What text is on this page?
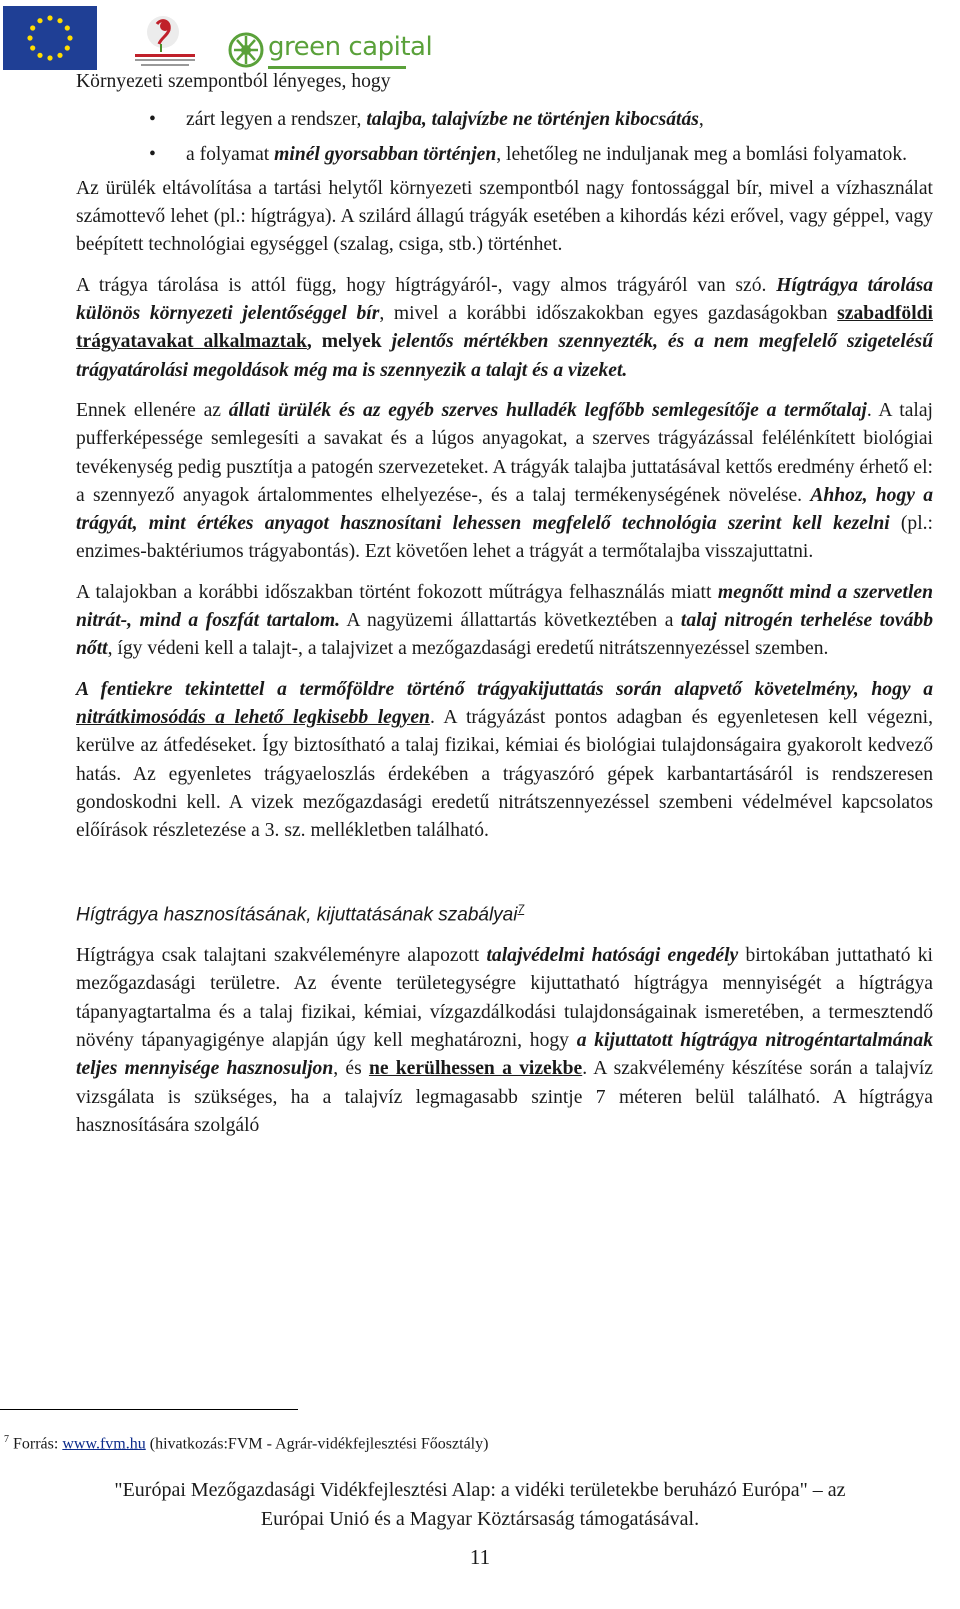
green capital

Környezeti szempontból lényeges, hogy

• zárt legyen a rendszer, talajba, talajvízbe ne történjen kibocsátás,
• a folyamat minél gyorsabban történjen, lehetőleg ne induljanak meg a bomlási folyamatok.

Az ürülék eltávolítása a tartási helytől környezeti szempontból nagy fontossággal bír, mivel a vízhasználat számottevő lehet (pl.: hígtrágya). A szilárd állagú trágyák esetében a kihordás kézi erővel, vagy géppel, vagy beépített technológiai egységgel (szalag, csiga, stb.) történhet.

A trágya tárolása is attól függ, hogy hígtrágyáról-, vagy almos trágyáról van szó. Hígtrágya tárolása különös környezeti jelentőséggel bír, mivel a korábbi időszakokban egyes gazdaságokban szabadföldi trágyatavakat alkalmaztak, melyek jelentős mértékben szennyezték, és a nem megfelelő szigetelésű trágyatárolási megoldások még ma is szennyezik a talajt és a vizeket.

Ennek ellenére az állati ürülék és az egyéb szerves hulladék legfőbb semlegesítője a termőtalaj. A talaj pufferképessége semlegesíti a savakat és a lúgos anyagokat, a szerves trágyázással felélénkített biológiai tevékenység pedig pusztítja a patogén szervezeteket. A trágyák talajba juttatásával kettős eredmény érhető el: a szennyező anyagok ártalommentes elhelyezése-, és a talaj termékenységének növelése. Ahhoz, hogy a trágyát, mint értékes anyagot hasznosítani lehessen megfelelő technológia szerint kell kezelni (pl.: enzimes-baktériumos trágyabontás). Ezt követően lehet a trágyát a termőtalajba visszajuttatni.

A talajokban a korábbi időszakban történt fokozott műtrágya felhasználás miatt megnőtt mind a szervetlen nitrát-, mind a foszfát tartalom. A nagyüzemi állattartás következtében a talaj nitrogén terhelése tovább nőtt, így védeni kell a talajt-, a talajvizet a mezőgazdasági eredetű nitrátszennyezéssel szemben.

A fentiekre tekintettel a termőföldre történő trágyakijuttatás során alapvető követelmény, hogy a nitrátkimosódás a lehető legkisebb legyen. A trágyázást pontos adagban és egyenletesen kell végezni, kerülve az átfedéseket. Így biztosítható a talaj fizikai, kémiai és biológiai tulajdonságaira gyakorolt kedvező hatás. Az egyenletes trágyaeloszlás érdekében a trágyaszóró gépek karbantartásáról is rendszeresen gondoskodni kell. A vizek mezőgazdasági eredetű nitrátszennyezéssel szembeni védelmével kapcsolatos előírások részletezése a 3. sz. mellékletben található.

Hígtrágya hasznosításának, kijuttatásának szabályai$^7$

Hígtrágya csak talajtani szakvéleményre alapozott talajvédelmi hatósági engedély birtokában juttatható ki mezőgazdasági területre. Az évente területegységre kijuttatható hígtrágya mennyiségét a hígtrágya tápanyagtartalma és a talaj fizikai, kémiai, vízgazdálkodási tulajdonságainak ismeretében, a termesztendő növény tápanyagigénye alapján úgy kell meghatározni, hogy a kijuttatott hígtrágya nitrogéntartalmának teljes mennyisége hasznosuljon, és ne kerülhessen a vizekbe. A szakvélemény készítése során a talajvíz vizsgálata is szükséges, ha a talajvíz legmagasabb szintje 7 méteren belül található. A hígtrágya hasznosítására szolgáló

$^7$ Forrás: www.fvm.hu (hivatkozás:FVM - Agrár-vidékfejlesztési Főosztály)
"Európai Mezőgazdasági Vidékfejlesztési Alap: a vidéki területekbe beruházó Európa" – az
Európai Unió és a Magyar Köztársaság támogatásával.
11
